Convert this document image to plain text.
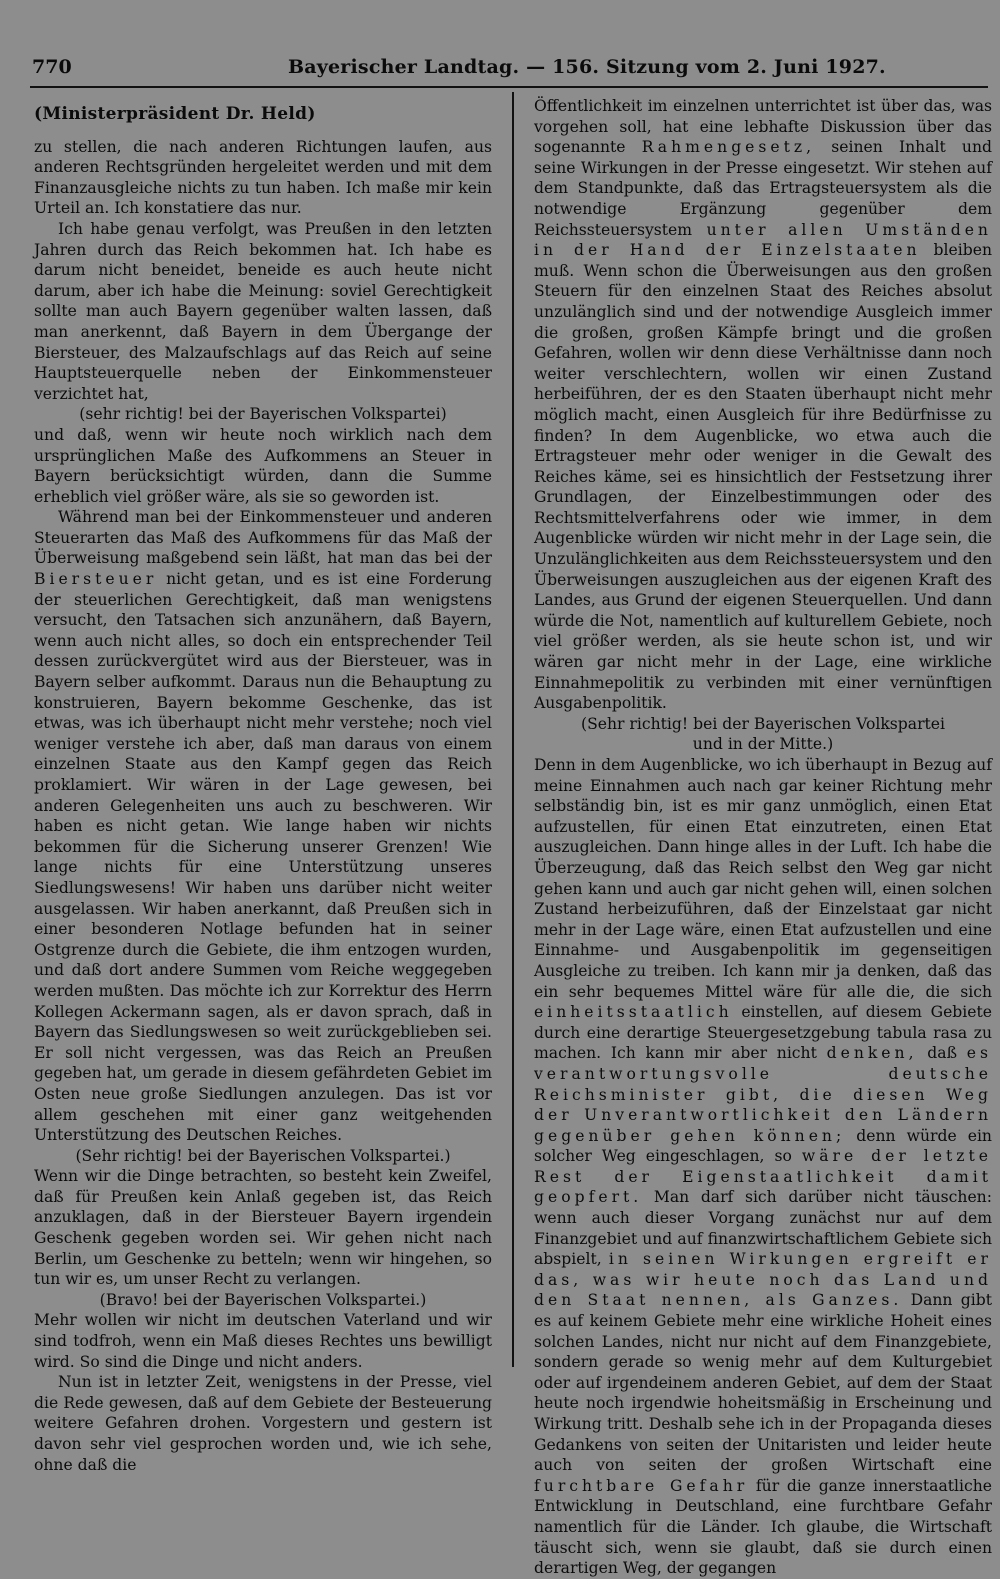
770	Bayerischer Landtag. — 156. Sitzung vom 2. Juni 1927.
(Ministerpräsident Dr. Held)

zu stellen, die nach anderen Richtungen laufen, aus anderen Rechtsgründen hergeleitet werden und mit dem Finanzausgleiche nichts zu tun haben. Ich maße mir kein Urteil an. Ich konstatiere das nur.

Ich habe genau verfolgt, was Preußen in den letzten Jahren durch das Reich bekommen hat. Ich habe es darum nicht beneidet, beneide es auch heute nicht darum, aber ich habe die Meinung: soviel Gerechtigkeit sollte man auch Bayern gegenüber walten lassen, daß man anerkennt, daß Bayern in dem Übergange der Biersteuer, des Malzaufschlags auf das Reich auf seine Hauptsteuerquelle neben der Einkommensteuer verzichtet hat,

(sehr richtig! bei der Bayerischen Volkspartei)

und daß, wenn wir heute noch wirklich nach dem ursprünglichen Maße des Aufkommens an Steuer in Bayern berücksichtigt würden, dann die Summe erheblich viel größer wäre, als sie so geworden ist.

Während man bei der Einkommensteuer und anderen Steuerarten das Maß des Aufkommens für das Maß der Überweisung maßgebend sein läßt, hat man das bei der Biersteuer nicht getan, und es ist eine Forderung der steuerlichen Gerechtigkeit, daß man wenigstens versucht, den Tatsachen sich anzunähern, daß Bayern, wenn auch nicht alles, so doch ein entsprechender Teil dessen zurückvergütet wird aus der Biersteuer, was in Bayern selber aufkommt. Daraus nun die Behauptung zu konstruieren, Bayern bekomme Geschenke, das ist etwas, was ich überhaupt nicht mehr verstehe; noch viel weniger verstehe ich aber, daß man daraus von einem einzelnen Staate aus den Kampf gegen das Reich proklamiert. Wir wären in der Lage gewesen, bei anderen Gelegenheiten uns auch zu beschweren. Wir haben es nicht getan. Wie lange haben wir nichts bekommen für die Sicherung unserer Grenzen! Wie lange nichts für eine Unterstützung unseres Siedlungswesens! Wir haben uns darüber nicht weiter ausgelassen. Wir haben anerkannt, daß Preußen sich in einer besonderen Notlage befunden hat in seiner Ostgrenze durch die Gebiete, die ihm entzogen wurden, und daß dort andere Summen vom Reiche weggegeben werden mußten. Das möchte ich zur Korrektur des Herrn Kollegen Ackermann sagen, als er davon sprach, daß in Bayern das Siedlungswesen so weit zurückgeblieben sei. Er soll nicht vergessen, was das Reich an Preußen gegeben hat, um gerade in diesem gefährdeten Gebiet im Osten neue große Siedlungen anzulegen. Das ist vor allem geschehen mit einer ganz weitgehenden Unterstützung des Deutschen Reiches.

(Sehr richtig! bei der Bayerischen Volkspartei.)

Wenn wir die Dinge betrachten, so besteht kein Zweifel, daß für Preußen kein Anlaß gegeben ist, das Reich anzuklagen, daß in der Biersteuer Bayern irgendein Geschenk gegeben worden sei. Wir gehen nicht nach Berlin, um Geschenke zu betteln; wenn wir hingehen, so tun wir es, um unser Recht zu verlangen.

(Bravo! bei der Bayerischen Volkspartei.)

Mehr wollen wir nicht im deutschen Vaterland und wir sind todfroh, wenn ein Maß dieses Rechtes uns bewilligt wird. So sind die Dinge und nicht anders.

Nun ist in letzter Zeit, wenigstens in der Presse, viel die Rede gewesen, daß auf dem Gebiete der Besteuerung weitere Gefahren drohen. Vorgestern und gestern ist davon sehr viel gesprochen worden und, wie ich sehe, ohne daß die

Öffentlichkeit im einzelnen unterrichtet ist über das, was vorgehen soll, hat eine lebhafte Diskussion über das sogenannte Rahmengesetz, seinen Inhalt und seine Wirkungen in der Presse eingesetzt. Wir stehen auf dem Standpunkte, daß das Ertragsteuersystem als die notwendige Ergänzung gegenüber dem Reichssteuersystem unter allen Umständen in der Hand der Einzelstaaten bleiben muß. Wenn schon die Überweisungen aus den großen Steuern für den einzelnen Staat des Reiches absolut unzulänglich sind und der notwendige Ausgleich immer die großen, großen Kämpfe bringt und die großen Gefahren, wollen wir denn diese Verhältnisse dann noch weiter verschlechtern, wollen wir einen Zustand herbeiführen, der es den Staaten überhaupt nicht mehr möglich macht, einen Ausgleich für ihre Bedürfnisse zu finden? In dem Augenblicke, wo etwa auch die Ertragsteuer mehr oder weniger in die Gewalt des Reiches käme, sei es hinsichtlich der Festsetzung ihrer Grundlagen, der Einzelbestimmungen oder des Rechtsmittelverfahrens oder wie immer, in dem Augenblicke würden wir nicht mehr in der Lage sein, die Unzulänglichkeiten aus dem Reichssteuersystem und den Überweisungen auszugleichen aus der eigenen Kraft des Landes, aus Grund der eigenen Steuerquellen. Und dann würde die Not, namentlich auf kulturellem Gebiete, noch viel größer werden, als sie heute schon ist, und wir wären gar nicht mehr in der Lage, eine wirkliche Einnahmepolitik zu verbinden mit einer vernünftigen Ausgabenpolitik.

(Sehr richtig! bei der Bayerischen Volkspartei

und in der Mitte.)

Denn in dem Augenblicke, wo ich überhaupt in Bezug auf meine Einnahmen auch nach gar keiner Richtung mehr selbständig bin, ist es mir ganz unmöglich, einen Etat aufzustellen, für einen Etat einzutreten, einen Etat auszugleichen. Dann hinge alles in der Luft. Ich habe die Überzeugung, daß das Reich selbst den Weg gar nicht gehen kann und auch gar nicht gehen will, einen solchen Zustand herbeizuführen, daß der Einzelstaat gar nicht mehr in der Lage wäre, einen Etat aufzustellen und eine Einnahme- und Ausgabenpolitik im gegenseitigen Ausgleiche zu treiben. Ich kann mir ja denken, daß das ein sehr bequemes Mittel wäre für alle die, die sich einheitsstaatlich einstellen, auf diesem Gebiete durch eine derartige Steuergesetzgebung tabula rasa zu machen. Ich kann mir aber nicht denken, daß es verantwortungsvolle deutsche Reichsminister gibt, die diesen Weg der Unverantwortlichkeit den Ländern gegenüber gehen können; denn würde ein solcher Weg eingeschlagen, so wäre der letzte Rest der Eigenstaatlichkeit damit geopfert. Man darf sich darüber nicht täuschen: wenn auch dieser Vorgang zunächst nur auf dem Finanzgebiet und auf finanzwirtschaftlichem Gebiete sich abspielt, in seinen Wirkungen ergreift er das, was wir heute noch das Land und den Staat nennen, als Ganzes. Dann gibt es auf keinem Gebiete mehr eine wirkliche Hoheit eines solchen Landes, nicht nur nicht auf dem Finanzgebiete, sondern gerade so wenig mehr auf dem Kulturgebiet oder auf irgendeinem anderen Gebiet, auf dem der Staat heute noch irgendwie hoheitsmäßig in Erscheinung und Wirkung tritt. Deshalb sehe ich in der Propaganda dieses Gedankens von seiten der Unitaristen und leider heute auch von seiten der großen Wirtschaft eine furchtbare Gefahr für die ganze innerstaatliche Entwicklung in Deutschland, eine furchtbare Gefahr namentlich für die Länder. Ich glaube, die Wirtschaft täuscht sich, wenn sie glaubt, daß sie durch einen derartigen Weg, der gegangen
